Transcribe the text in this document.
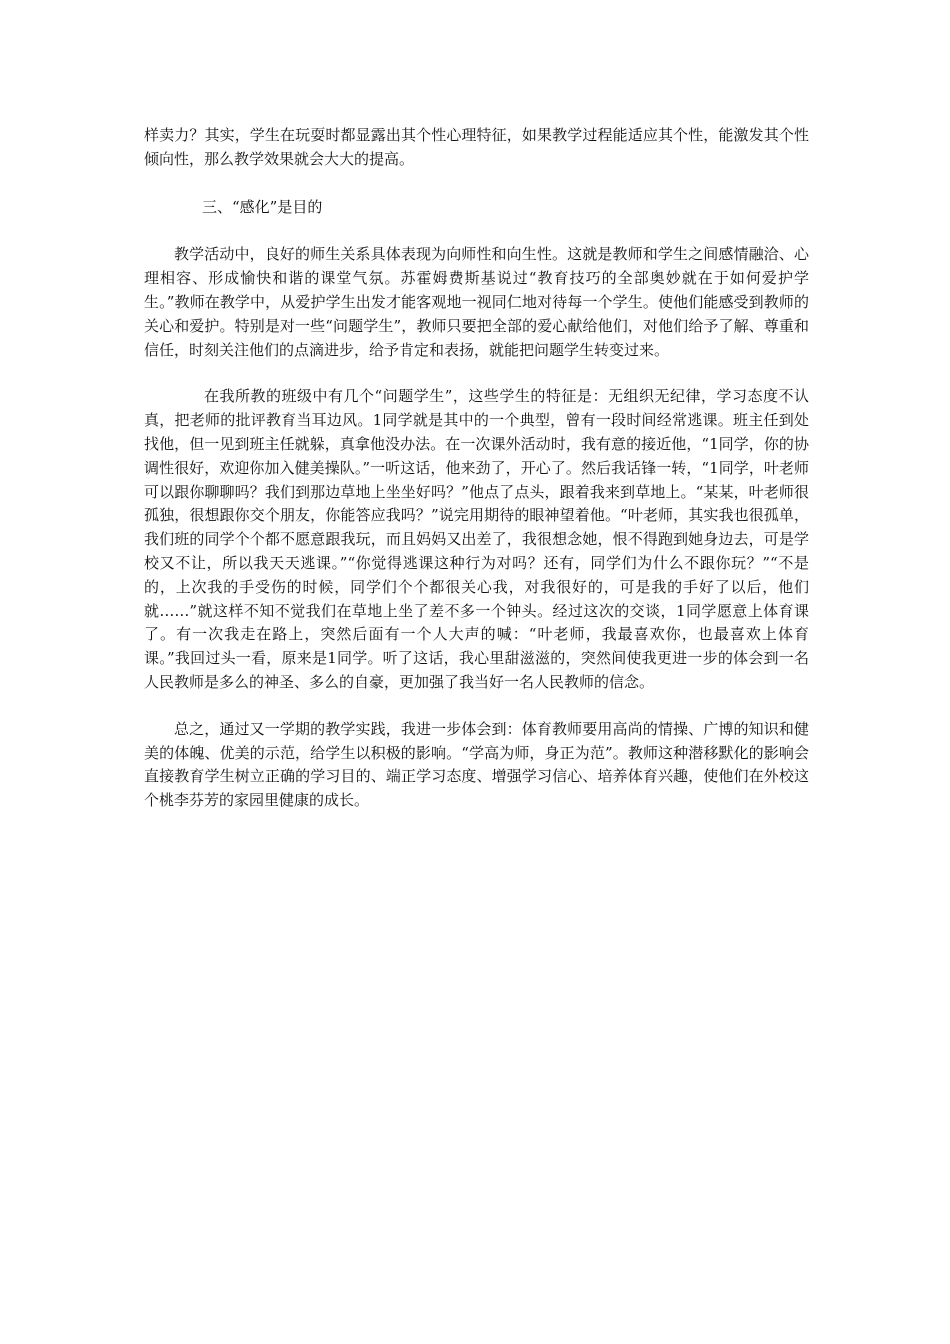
样卖力？其实，学生在玩耍时都显露出其个性心理特征，如果教学过程能适应其个性，能激发其个性倾向性，那么教学效果就会大大的提高。

三、“感化”是目的

教学活动中，良好的师生关系具体表现为向师性和向生性。这就是教师和学生之间感情融洽、心理相容、形成愉快和谐的课堂气氛。苏霍姆费斯基说过“教育技巧的全部奥妙就在于如何爱护学生。”教师在教学中，从爱护学生出发才能客观地一视同仁地对待每一个学生。使他们能感受到教师的关心和爱护。特别是对一些“问题学生”，教师只要把全部的爱心献给他们，对他们给予了解、尊重和信任，时刻关注他们的点滴进步，给予肯定和表扬，就能把问题学生转变过来。

在我所教的班级中有几个“问题学生”，这些学生的特征是：无组织无纪律，学习态度不认真，把老师的批评教育当耳边风。1同学就是其中的一个典型，曾有一段时间经常逃课。班主任到处找他，但一见到班主任就躲，真拿他没办法。在一次课外活动时，我有意的接近他，“1同学，你的协调性很好，欢迎你加入健美操队。”一听这话，他来劲了，开心了。然后我话锋一转，“1同学，叶老师可以跟你聊聊吗？我们到那边草地上坐坐好吗？”他点了点头，跟着我来到草地上。“某某，叶老师很孤独，很想跟你交个朋友，你能答应我吗？”说完用期待的眼神望着他。“叶老师，其实我也很孤单，我们班的同学个个都不愿意跟我玩，而且妈妈又出差了，我很想念她，恨不得跑到她身边去，可是学校又不让，所以我天天逃课。”“你觉得逃课这种行为对吗？还有，同学们为什么不跟你玩？”“不是的，上次我的手受伤的时候，同学们个个都很关心我，对我很好的，可是我的手好了以后，他们就……”就这样不知不觉我们在草地上坐了差不多一个钟头。经过这次的交谈，1同学愿意上体育课了。有一次我走在路上，突然后面有一个人大声的喊：“叶老师，我最喜欢你，也最喜欢上体育课。”我回过头一看，原来是1同学。听了这话，我心里甜滋滋的，突然间使我更进一步的体会到一名人民教师是多么的神圣、多么的自豪，更加强了我当好一名人民教师的信念。

总之，通过又一学期的教学实践，我进一步体会到：体育教师要用高尚的情操、广博的知识和健美的体魄、优美的示范，给学生以积极的影响。“学高为师，身正为范”。教师这种潜移默化的影响会直接教育学生树立正确的学习目的、端正学习态度、增强学习信心、培养体育兴趣，使他们在外校这个桃李芬芳的家园里健康的成长。
